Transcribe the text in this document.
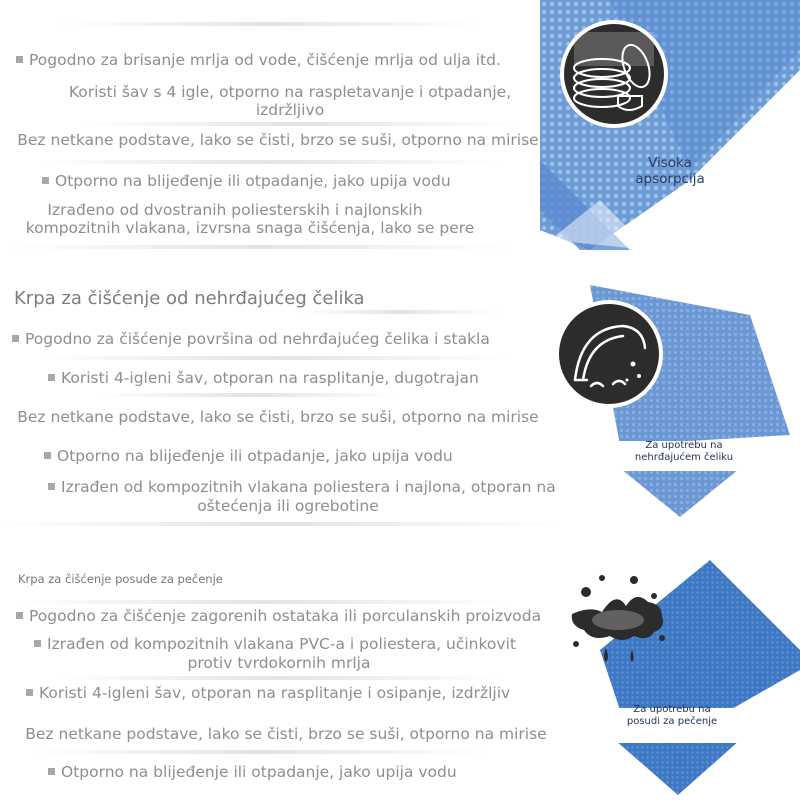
Pogodno za brisanje mrlja od vode, čišćenje mrlja od ulja itd.
Koristi šav s 4 igle, otporno na raspletavanje i otpadanje,
izdržljivo
Bez netkane podstave, lako se čisti, brzo se suši, otporno na mirise
Otporno na blijeđenje ili otpadanje, jako upija vodu
Izrađeno od dvostranih poliesterskih i najlonskih
kompozitnih vlakana, izvrsna snaga čišćenja, lako se pere
Visoka apsorpcija
Krpa za čišćenje od nehrđajućeg čelika
Pogodno za čišćenje površina od nehrđajućeg čelika i stakla
Koristi 4-igleni šav, otporan na rasplitanje, dugotrajan
Bez netkane podstave, lako se čisti, brzo se suši, otporno na mirise
Otporno na blijeđenje ili otpadanje, jako upija vodu
Izrađen od kompozitnih vlakana poliestera i najlona, otporan na
oštećenja ili ogrebotine
Za upotrebu na nehrđajućem čeliku
Krpa za čišćenje posude za pečenje
Pogodno za čišćenje zagorenih ostataka ili porculanskih proizvoda
Izrađen od kompozitnih vlakana PVC-a i poliestera, učinkovit
protiv tvrdokornih mrlja
Koristi 4-igleni šav, otporan na rasplitanje i osipanje, izdržljiv
Bez netkane podstave, lako se čisti, brzo se suši, otporno na mirise
Otporno na blijeđenje ili otpadanje, jako upija vodu
Za upotrebu na posudi za pečenje
